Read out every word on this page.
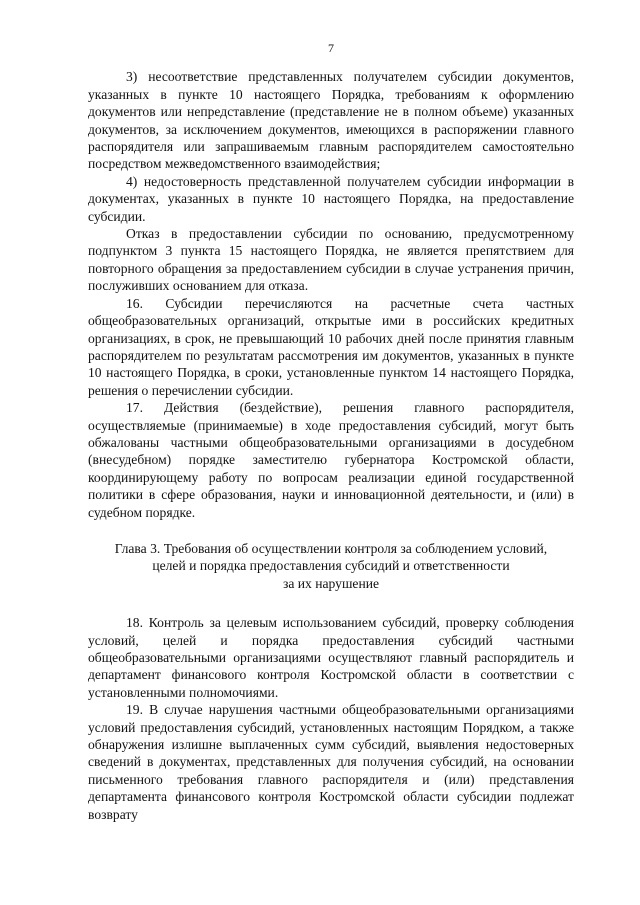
7

3) несоответствие представленных получателем субсидии документов, указанных в пункте 10 настоящего Порядка, требованиям к оформлению документов или непредставление (представление не в полном объеме) указанных документов, за исключением документов, имеющихся в распоряжении главного распорядителя или запрашиваемым главным распорядителем самостоятельно посредством межведомственного взаимодействия;

4) недостоверность представленной получателем субсидии информации в документах, указанных в пункте 10 настоящего Порядка, на предоставление субсидии.

Отказ в предоставлении субсидии по основанию, предусмотренному подпунктом 3 пункта 15 настоящего Порядка, не является препятствием для повторного обращения за предоставлением субсидии в случае устранения причин, послуживших основанием для отказа.

16. Субсидии перечисляются на расчетные счета частных общеобразовательных организаций, открытые ими в российских кредитных организациях, в срок, не превышающий 10 рабочих дней после принятия главным распорядителем по результатам рассмотрения им документов, указанных в пункте 10 настоящего Порядка, в сроки, установленные пунктом 14 настоящего Порядка, решения о перечислении субсидии.

17. Действия (бездействие), решения главного распорядителя, осуществляемые (принимаемые) в ходе предоставления субсидий, могут быть обжалованы частными общеобразовательными организациями в досудебном (внесудебном) порядке заместителю губернатора Костромской области, координирующему работу по вопросам реализации единой государственной политики в сфере образования, науки и инновационной деятельности, и (или) в судебном порядке.

Глава 3. Требования об осуществлении контроля за соблюдением условий,
целей и порядка предоставления субсидий и ответственности
за их нарушение

18. Контроль за целевым использованием субсидий, проверку соблюдения условий, целей и порядка предоставления субсидий частными общеобразовательными организациями осуществляют главный распорядитель и департамент финансового контроля Костромской области в соответствии с установленными полномочиями.

19. В случае нарушения частными общеобразовательными организациями условий предоставления субсидий, установленных настоящим Порядком, а также обнаружения излишне выплаченных сумм субсидий, выявления недостоверных сведений в документах, представленных для получения субсидий, на основании письменного требования главного распорядителя и (или) представления департамента финансового контроля Костромской области субсидии подлежат возврату
